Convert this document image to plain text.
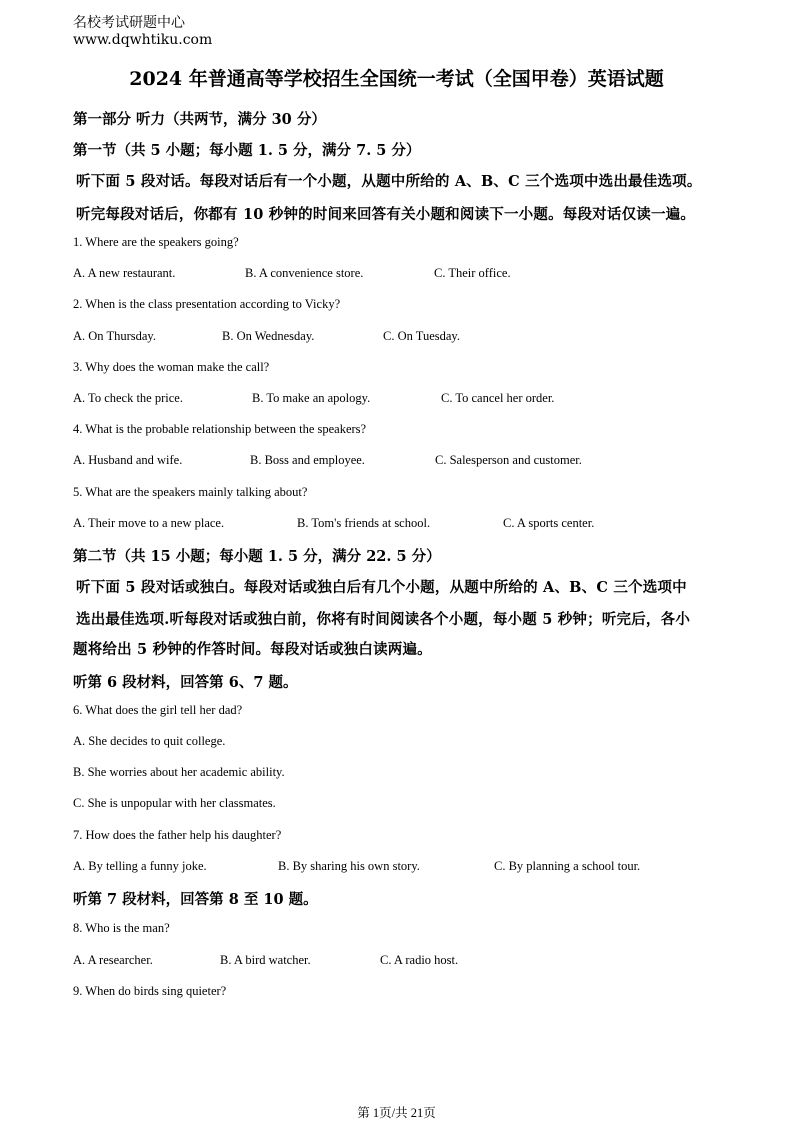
名校考试研题中心
www.dqwhtiku.com
2024 年普通高等学校招生全国统一考试（全国甲卷）英语试题
第一部分 听力（共两节，满分 30 分）
第一节（共 5 小题；每小题 1. 5 分，满分 7. 5 分）
听下面 5 段对话。每段对话后有一个小题，从题中所给的 A、B、C 三个选项中选出最佳选项。
听完每段对话后，你都有 10 秒钟的时间来回答有关小题和阅读下一小题。每段对话仅读一遍。
1. Where are the speakers going?
A. A new restaurant.	B. A convenience store.	C. Their office.
2. When is the class presentation according to Vicky?
A. On Thursday.	B. On Wednesday.	C. On Tuesday.
3. Why does the woman make the call?
A. To check the price.	B. To make an apology.	C. To cancel her order.
4. What is the probable relationship between the speakers?
A. Husband and wife.	B. Boss and employee.	C. Salesperson and customer.
5. What are the speakers mainly talking about?
A. Their move to a new place.	B. Tom's friends at school.	C. A sports center.
第二节（共 15 小题；每小题 1. 5 分，满分 22. 5 分）
听下面 5 段对话或独白。每段对话或独白后有几个小题，从题中所给的 A、B、C 三个选项中
选出最佳选项.听每段对话或独白前，你将有时间阅读各个小题，每小题 5 秒钟；听完后，各小
题将给出 5 秒钟的作答时间。每段对话或独白读两遍。
听第 6 段材料，回答第 6、7 题。
6. What does the girl tell her dad?
A. She decides to quit college.
B. She worries about her academic ability.
C. She is unpopular with her classmates.
7. How does the father help his daughter?
A. By telling a funny joke.	B. By sharing his own story.	C. By planning a school tour.
听第 7 段材料，回答第 8 至 10 题。
8. Who is the man?
A. A researcher.	B. A bird watcher.	C. A radio host.
9. When do birds sing quieter?
第 1页/共 21页
